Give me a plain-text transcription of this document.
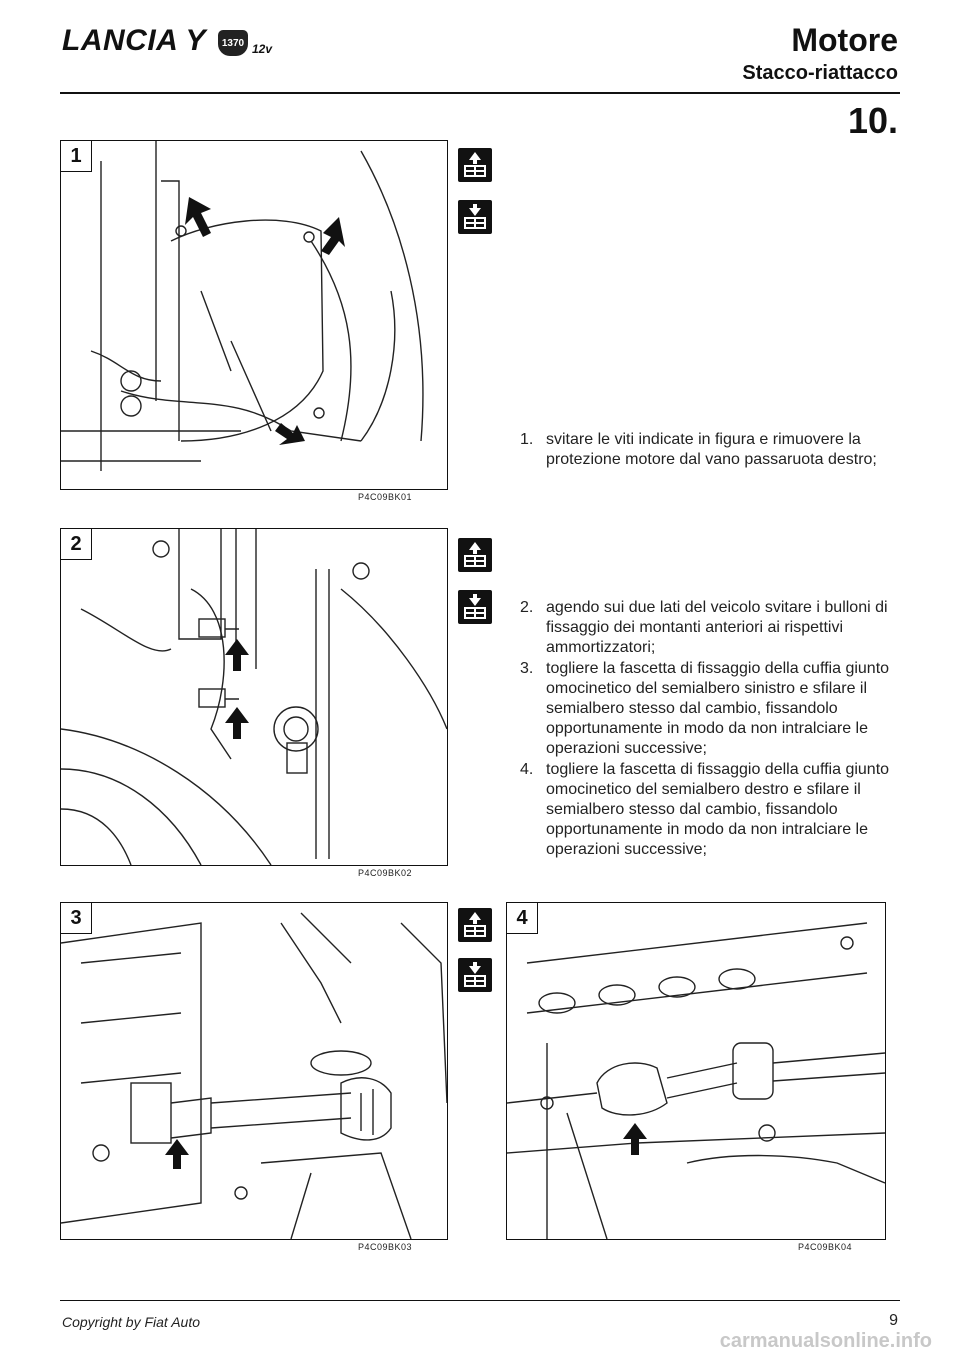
LANCIA Y	1370 12v	Motore
Stacco-riattacco
10.
1
P4C09BK01
2
P4C09BK02
3
P4C09BK03
4
P4C09BK04
1. svitare le viti indicate in figura e rimuovere la protezione motore dal vano passaruota destro;
2. agendo sui due lati del veicolo svitare i bulloni di fissaggio dei montanti anteriori ai rispettivi ammortizzatori;
3. togliere la fascetta di fissaggio della cuffia giunto omocinetico del semialbero sinistro e sfilare il semialbero stesso dal cambio, fissandolo opportunamente in modo da non intralciare le operazioni successive;
4. togliere la fascetta di fissaggio della cuffia giunto omocinetico del semialbero destro e sfilare il semialbero stesso dal cambio, fissandolo opportunamente in modo da non intralciare le operazioni successive;
Copyright by Fiat Auto	9
carmanualsonline.info
